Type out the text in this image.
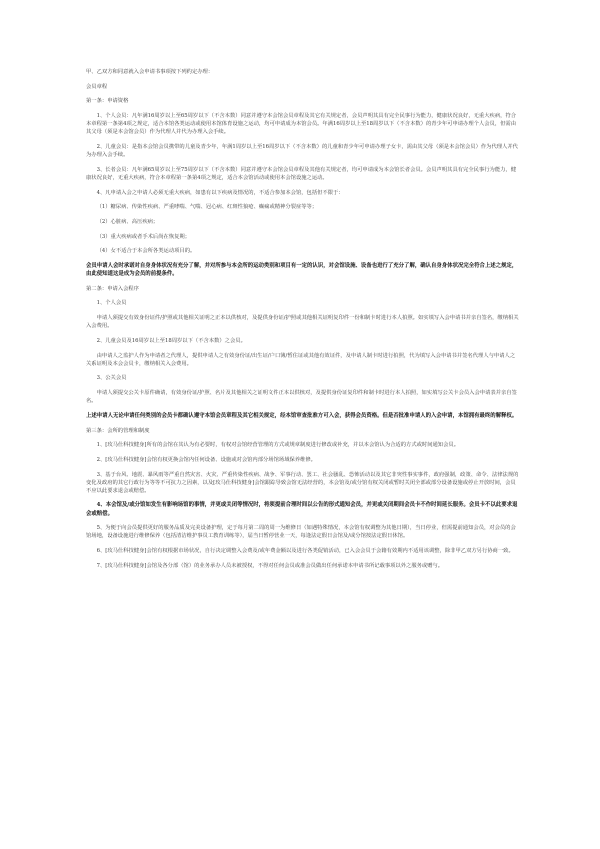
甲、乙双方和同意就入会申请书事项按下列约定办理：

会员章程

第一条：申请资格

1、个人会员：凡年满16周岁以上至65周岁以下（不含本数）同意并遵守本会馆会员章程及其它有关规定者，会员声明其具有完全民事行为能力，健康状况良好，无重大疾病，符合本章程第一条第4项之规定，适合本馆各类运动或使用本馆体育设施之运动，均可申请成为本馆会员。年满16周岁以上至18周岁以下（不含本数）的青少年可申请办理个人会员，但需由其父母（须是本会馆会员）作为代理人并代为办理入会手续。

2、儿童会员：是指本会馆会员携带的儿童及青少年，年满1周岁以上至16周岁以下（不含本数）的儿童和青少年可申请办理子女卡，需由其父母（须是本会馆会员）作为代理人并代为办理入会手续。

3、长者会员：凡年满65周岁以上至75周岁以下（不含本数）同意并遵守本会馆会员章程及其他有关规定者，均可申请成为本会馆长者会员。会员声明其具有完全民事行为能力，健康状况良好，无重大疾病，符合本章程第一条第4项之规定，适合本会馆活动或使用本会馆设施之运动。

4、凡申请入会之申请人必须无重大疾病，如患有以下疾病及情况的，不适合参加本会馆，包括但不限于：

（1）糖尿病、传染性疾病、严重哮喘、气喘、冠心病、红斑性狼疮、癫痫或精神分裂症等等；

（2）心脏病、高压疾病；

（3）重大疾病或者手术后尚在恢复期；

（4）女不适合于本会所各类运动项目的。

会员申请人会时承诺对自身身体状况有充分了解，并对所参与本会所的运动类别和项目有一定的认识，对会馆设施、设备也进行了充分了解，确认自身身体状况完全符合上述之规定，由此使知道这是成为会员的前提条件。

第二条：申请入会程序

1、个人会员

申请人须提交有效身份证件/护照或其他相关证明之正本以供核对，及提供身份证/护照或其他相关证明复印件一份和制卡时进行本人拍照。如实填写入会申请书并亲自签名，缴纳相关入会费用。

2、儿童会员及16周岁以上至18周岁以下（不含本数）之会员。

由申请人之监护人作为申请者之代理人，提供申请人之有效身份证/出生证/户口簿/暂住证或其他有效证件，及申请人制卡时进行拍照，代为填写入会申请书并签名代理人与申请人之关系证明及本会会员卡，缴纳相关入会费用。

3、公关会员

申请人须提交公关卡原件确请，有效身份证/护照、名片及其他相关之证明文件正本以供核对，及提供身份证复印件和制卡时进行本人拍照，如实填写公关卡会员入会申请表并亲自签名。

上述申请人无论申请任何类别的会员卡都确认遵守本馆会员章程及其它相关规定，经本馆审查批准方可入会，获得会员资格。但是否批准申请人的入会申请，本馆拥有最终的解释权。

第三条：会所的管理和制度

1、[玫马仕科技健身]所有的会馆在其认为有必要时，有权对会馆经营管理的方式或规章制度进行修改或补充，并以本会馆认为合适的方式或时间通知会员。

2、[玫马仕科技健身]会馆有权更换会馆内任何设备、设施或对会馆内部分场馆场域保养维修。

3、基于台风、地震、暴风雨等严重自然灾害、火灾、严重传染性疾病、战争、军事行动、罢工、社会骚乱、恐怖活动以及其它非突性事实事件，政府强制，政策、命令、法律法规的变化及政府的其它行政行为等等不可抗力之因素，以及[玫马仕科技健身]会馆跟踪导致会馆无法经营的，本会馆及/或分馆有权关闭或暂时关闭全部或部分设备设施或停止开放时间，会员不应以此要求退会或赔偿。

4、本会馆及/或分馆如发生有影响场馆的事情，并更或关闭等情况时，将须提前合理时间以公告的形式通知会员，并更或关闭期间会员卡不作时间延长服务。会员卡不以此要求退会或赔偿。

5、为便于向会员提供更好的服务品质及完美设备护理，定于每月第二周的周一为维修日（如遇特殊情况，本会馆有权调整为其他日期），当日停业，但需提前通知会员，对会员的会馆场地，设备设施进行维修保养（包括清洁维护事员工教育训练等），届当日暂停营业一天，每逢法定假日会馆及/或分馆按法定假日休馆。

6、[玫马仕科技健身]会馆有权根据市场状况，自行决定调整入会费及/或年费金额以及进行各类促销活动，已入会会员于会籍有效期内不适用该调整，除非甲乙双方另行协商一致。

7、[玫马仕科技健身]会馆及各分部（馆）的业务承办人员未被授权，不得对任何会员或准会员做出任何承诺本申请书所记载事项以外之服务或赠与。
